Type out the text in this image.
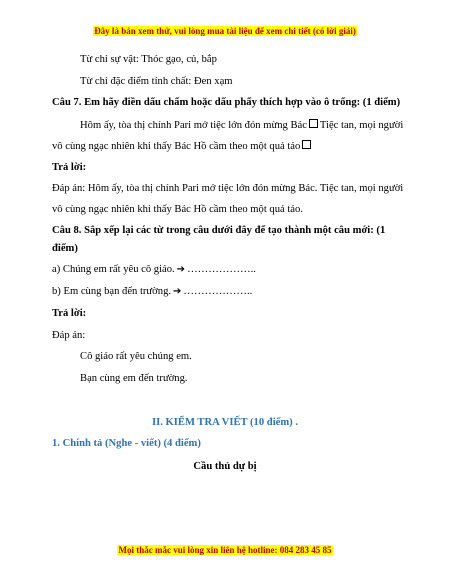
Đây là bản xem thử, vui lòng mua tài liệu để xem chi tiết (có lời giải)
Từ chỉ sự vật: Thóc gạo, củ, bắp
Từ chỉ đặc điểm tính chất: Đen xạm
Câu 7. Em hãy điền dấu chấm hoặc dấu phẩy thích hợp vào ô trống: (1 điểm)
Hôm ấy, tòa thị chính Pari mở tiệc lớn đón mừng Bác Tiệc tan, mọi người
vô cùng ngạc nhiên khi thấy Bác Hồ cầm theo một quả táo
Trả lời:
Đáp án: Hôm ấy, tòa thị chính Pari mở tiệc lớn đón mừng Bác. Tiệc tan, mọi người
vô cùng ngạc nhiên khi thấy Bác Hồ cầm theo một quả táo.
Câu 8. Sắp xếp lại các từ trong câu dưới đây để tạo thành một câu mới: (1
điểm)
a) Chúng em rất yêu cô giáo. ➔ ………………..
b) Em cùng bạn đến trường. ➔ ………………..
Trả lời:
Đáp án:
Cô giáo rất yêu chúng em.
Bạn cùng em đến trường.
II. KIỂM TRA VIẾT (10 điểm) .
1. Chính tả (Nghe - viết) (4 điểm)
Cầu thủ dự bị
Mọi thắc mắc vui lòng xin liên hệ hotline: 084 283 45 85
